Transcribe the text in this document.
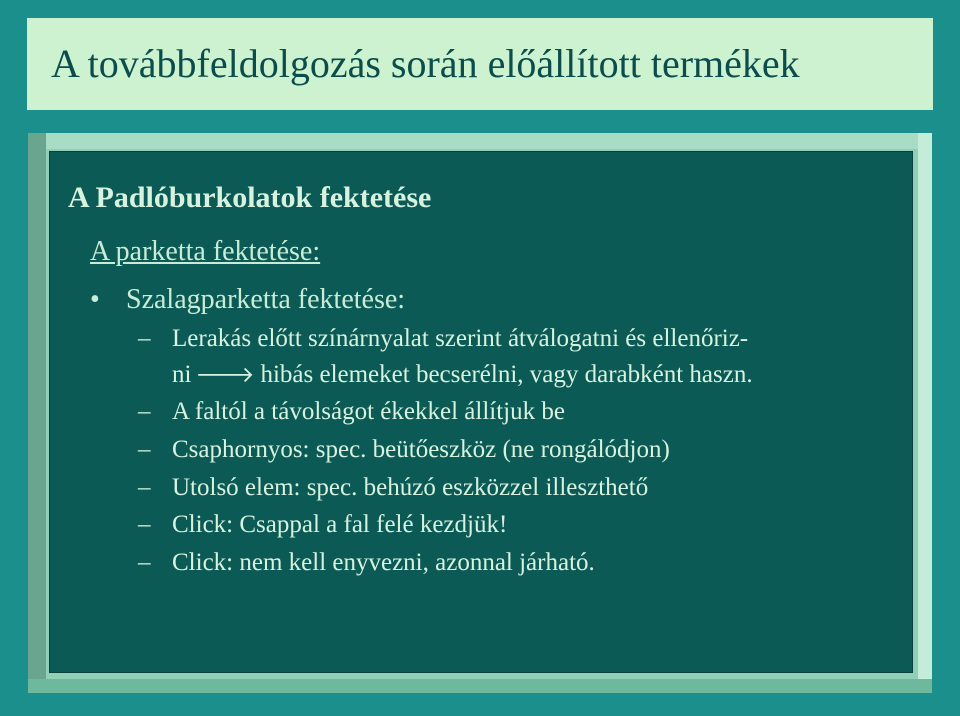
A továbbfeldolgozás során előállított termékek
A Padlóburkolatok fektetése
A parketta fektetése:
• Szalagparketta fektetése:
– Lerakás előtt színárnyalat szerint átválogatni és ellenőriz-
ni 🡒 hibás elemeket becserélni, vagy darabként haszn.
– A faltól a távolságot ékekkel állítjuk be
– Csaphornyos: spec. beütőeszköz (ne rongálódjon)
– Utolsó elem: spec. behúzó eszközzel illeszthető
– Click: Csappal a fal felé kezdjük!
– Click: nem kell enyvezni, azonnal járható.
